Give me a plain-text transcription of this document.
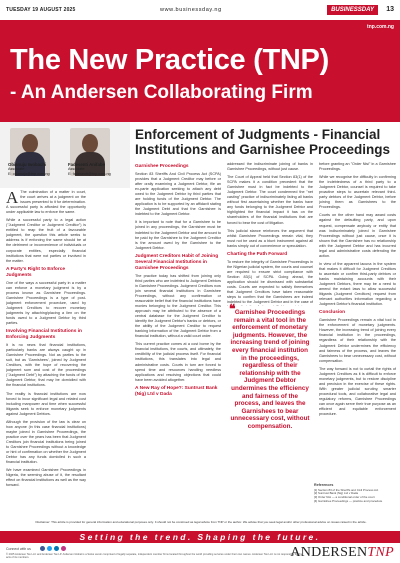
TUESDAY 19 AUGUST 2025	www.businessday.ng	BUSINESSDAY	13
tnp.com.ng
The New Practice (TNP)
- An Andersen Collaborating Firm
Obianuju Iwobachi
Associate
E: obianuju@tnp.com.ng
Fadesenti Anifabe
Associate
E: fadesenti@tnp.com.ng
Enforcement of Judgments - Financial Institutions and Garnishee Proceedings

A The culmination of a matter in court, the court arrives at a judgment on the issues presented to it for determination. A successful party is afforded the opportunity under applicable law to enforce the same.

While a successful party to a legal action ("Judgment Creditor or Judgment Creditor") is entitled to reap the fruit of a favourable judgment, the question this article seeks to address is if enforcing the same should be at the detriment or inconvenience of individuals or corporate entities, especially financial institutions that were not parties or involved in the matter.

A Party's Right to Enforce Judgments

One of the ways a successful party in a matter can enforce a monetary judgment is by a process known as Garnishee Proceedings. Garnishee Proceedings is a type of post-judgment enforcement procedure, used by Judgment Creditors to recover monetary judgments by attaching/placing a lien on the funds owed to a Judgment Debtor by third parties.

Involving Financial Institutions in Enforcing Judgments

It is no news that financial institutions, particularly banks are always caught up in Garnishee Proceedings. Not as parties to the suit, but as 'Garnishees', joined by Judgment Creditors, with the hope of recovering the judgment sum and cost of the proceedings ("Judgment Debt") by attaching the funds of the Judgment Debtor, that may be domiciled with the financial institutions.

The reality is financial institutions are now forced to incur significant legal and related cost including manpower and time when successful litigants seek to enforce monetary judgments against Judgment Debtors.

Although the provision of the law is clear on how anyone (in this case financial institutions) maybe joined in Garnishee Proceedings, the practice over the years has been that Judgment Creditors join financial institutions being joined to Garnishee Proceedings without a knowledge or hint of confirmation on whether the Judgment Debtor has any funds domiciled in such a financial institution.

We have examined Garnishee Proceedings in Nigeria, the seeming abuse of it, the resultant effect on financial institutions as well as the way forward.

Garnishee Proceedings

Section 83 Sheriffs And Civil Process Act (SCPA) provides that a Judgment Creditor may before or after orally examining a Judgment Debtor, file an ex-parte application seeking to attach any debt owed to the Judgment Debtor by third parties that are holding funds of the Judgment Debtor. The application is to be supported by an affidavit stating the Judgment Debt and that the Garnishee is indebted to the Judgment Debtor.

It is important to note that for a Garnishee to be joined in any proceedings, the Garnishee must be indebted to the Judgment Debtor and the amount to be paid by the Garnishee to the Judgment Creditor is the amount owed by the Garnishee to the Judgment Debtor.

Judgment Creditors Habit of Joining Several Financial Institutions in Garnishee Proceedings

The practice today has shifted from joining only third parties who are indebted to Judgment Debtors in Garnishee Proceedings. Judgment Creditors now join several financial institutions in Garnishee Proceedings, without any confirmation or reasonable belief that the financial institutions have monies belonging to the Judgment Creditor. This approach may be attributed to the absence of a central database for the Judgment Creditor to identify the Judgment Debtor's banks or debtors, or the ability of the Judgment Creditor to request banking information of the Judgment Debtor from a financial institution, without a valid court order.

This current practice comes at a cost borne by the financial institutions, the courts, and ultimately, the credibility of the judicial process itself. For financial institutions, this translates into legal and administrative costs. Courts in turn are forced to spend time and resources handling needless applications and resolving objections that could have been avoided altogether.

A New Ray of Hope?: Suntrust Bank (Nig) Ltd v Dada

addressed the indiscriminate joining of banks in Garnishee Proceedings, without just cause.

The Court of Appeal held that Section 83(1) of the SCPA makes it a condition precedent that the Garnishee must in fact be indebted to the Judgment Debtor. The court condemned the "net casting" practice of indiscriminately listing all banks without first ascertaining whether the banks have any funds belonging to the Judgment Debtor and highlighted the financial impact it has on the shareholders of the financial institutions that are forced to bear the cost of litigation.

This judicial stance reinforces the argument that whilst Garnishee Proceedings remain vital, they must not be used as a blunt instrument against all banks simply out of convenience or speculation.

Charting the Path Forward

To restore the integrity of Garnishee Proceedings in the Nigerian judicial system, the courts and counsel are required to ensure strict compliance with Section 83(1) of SCPA. Going ahead, the application should be dismissed with substantial costs. Courts are expected to satisfy themselves that Judgment Creditors have taken reasonable steps to confirm that the Garnishees are indeed indebted to the Judgment Debtor and in the case of

❝ Garnishee Proceedings remain a vital tool in the enforcement of monetary judgments. However, the increasing trend of joining every financial institution in the proceedings, regardless of their relationship with the Judgment Debtor undermines the efficiency and fairness of the process, and leaves the Garnishees to bear unnecessary cost, without compensation.

before granting an "Order Nisi" in a Garnishee Proceedings.

While we recognise the difficulty in confirming the indebtedness of a third party to a Judgment Debtor, counsel is required to take proactive steps to ascertain relevant third-party debtors of the Judgment Debtor, before joining them as Garnishees to the Proceedings.

Courts on the other hand may award costs against the defaulting party, and upon request, compensate anybody or entity that was indiscriminately joined in Garnishee Proceedings without just cause, once it is shown that the Garnishee has no relationship with the Judgment Debtor and has incurred legal and administrative costs defending the action.

In view of the apparent lacuna in the system that makes it difficult for Judgment Creditors to ascertain or confirm third-party debtors or banks maintaining accounts with their Judgment Debtors, there may be a need to amend the extant laws to allow successful litigants (Judgment Creditors) request from relevant authorities information regarding a Judgment Debtor's financial institution.

Conclusion

Garnishee Proceedings remain a vital tool in the enforcement of monetary judgments. However, the increasing trend of joining every financial institution in the proceedings, regardless of their relationship with the Judgment Debtor undermines the efficiency and fairness of the process, and leaves the Garnishees to bear unnecessary cost, without compensation.

The way forward is not to curtail the rights of Judgment Creditors as it is difficult to enforce monetary judgments, but to restore discipline and precision in the exercise of these rights. With greater judicial scrutiny, smarter procedural tools, and collaborative legal and regulatory reforms, Garnishee Proceedings can once again serve their true purpose as an efficient and equitable enforcement procedure.

References
[1] Section 83 of the Sheriffs and Civil Process Act
[2] Suntrust Bank (Nig) Ltd v Dada
[3] Order Nisi — a conditional order of the court
[4] Garnishee Proceedings — practice and procedure
Disclaimer: This article is provided for general information and educational purposes only. It should not be construed as legal advice from TNP or the author. We advise that you seek legal and/or other professional advice on issues raised in the article.
Setting the trend. Shaping the future.
Connect with us
© 2025 Andersen Tax LLC and Andersen Tax LP. Andersen Global is a Swiss verein comprised of legally separate, independent member firms located throughout the world providing services under their own names. Andersen Tax LLC is not responsible for the acts of its members.	ANDERSENTNP
